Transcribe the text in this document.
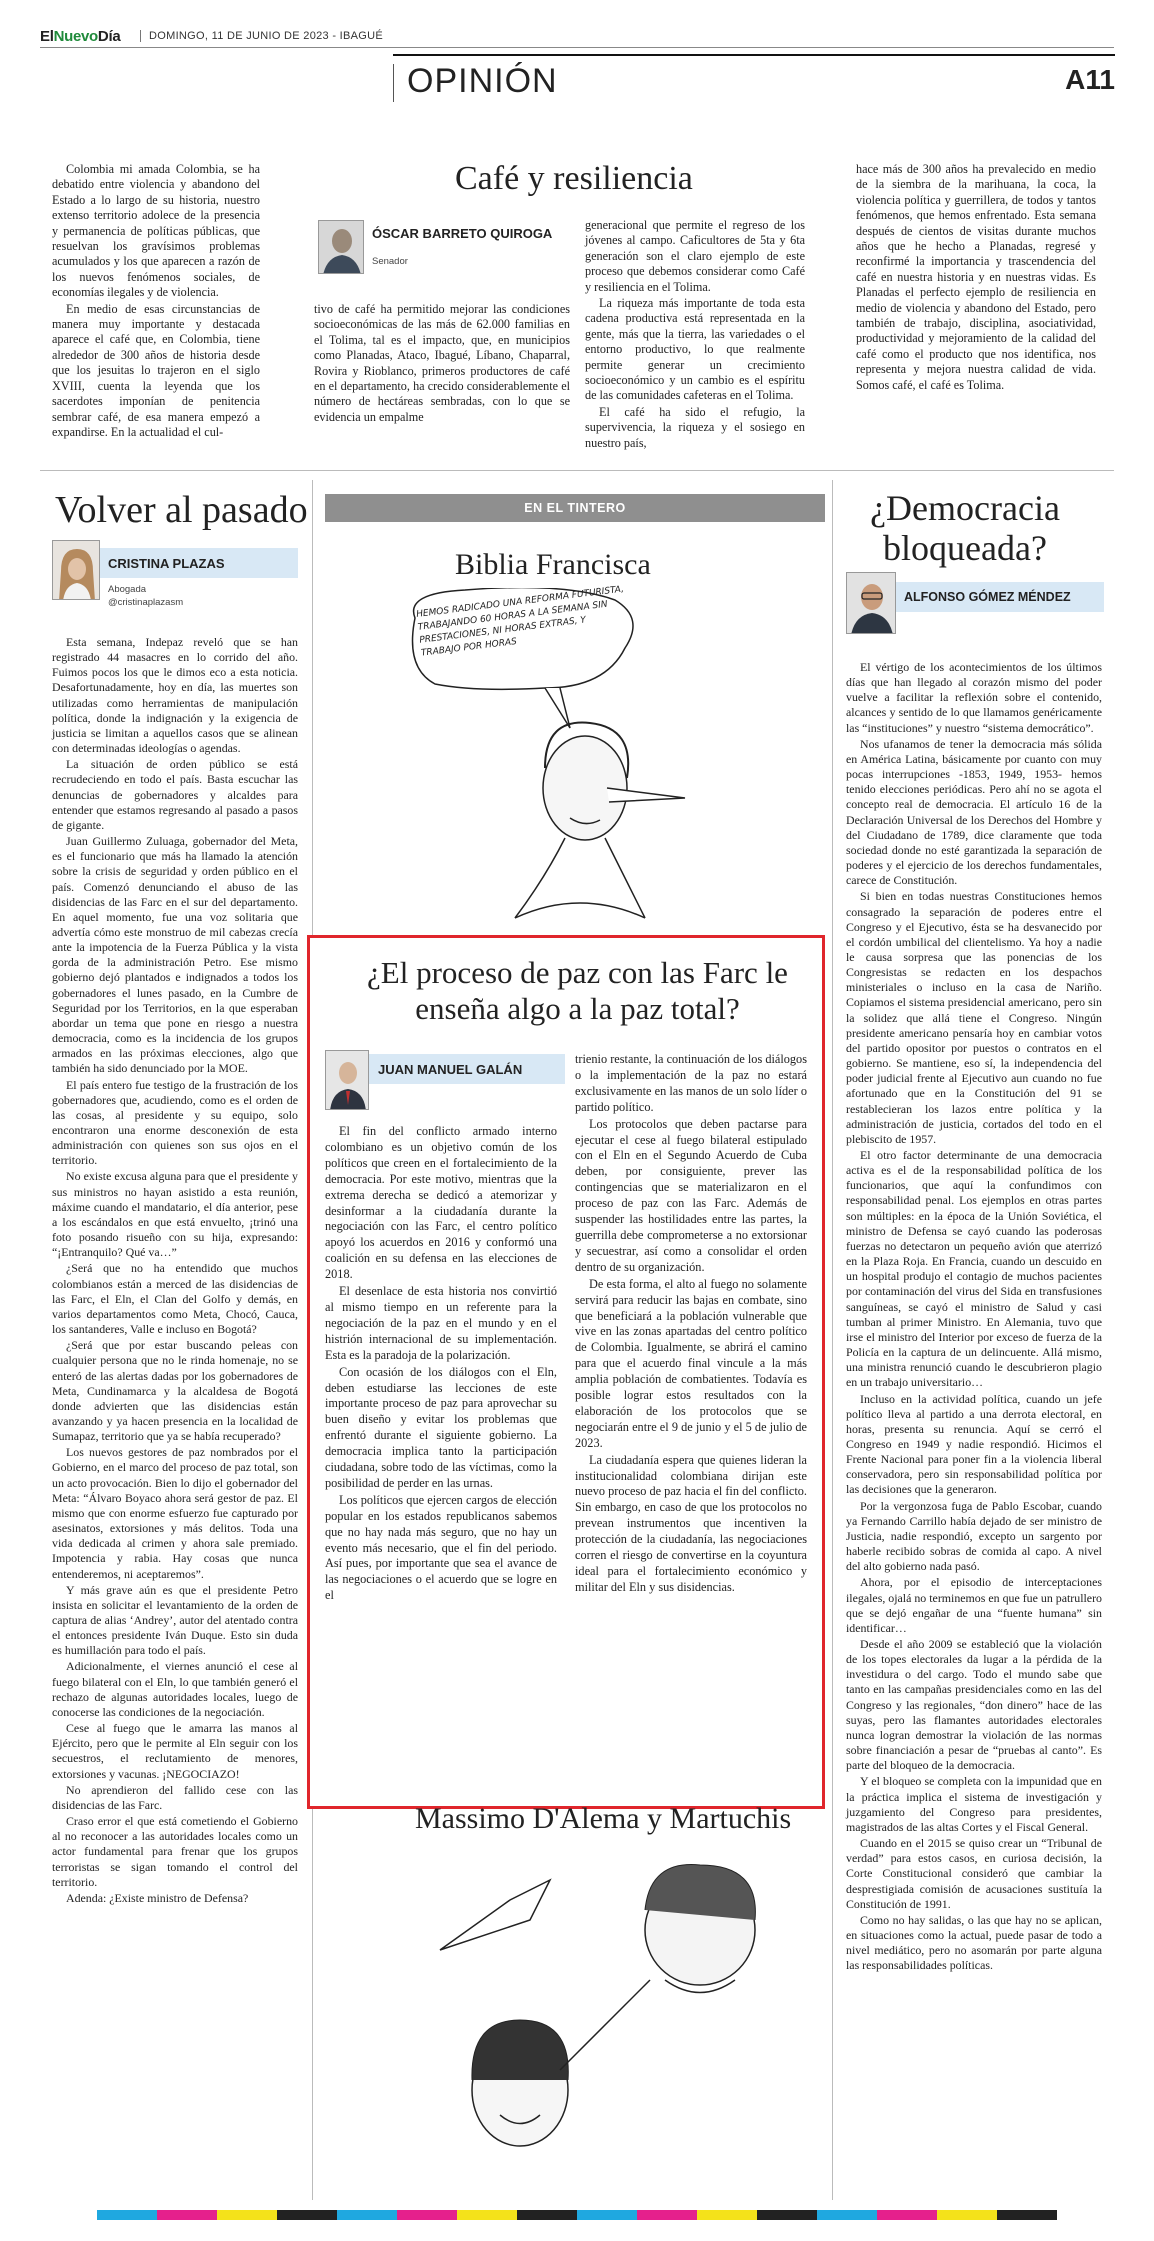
ElNuevoDía	DOMINGO, 11 DE JUNIO DE 2023 - IBAGUÉ
OPINIÓN	A11
Café y resiliencia

Colombia mi amada Colombia, se ha debatido entre violencia y abandono del Estado a lo largo de su historia, nuestro extenso territorio adolece de la presencia y permanencia de políticas públicas, que resuelvan los gravísimos problemas acumulados y los que aparecen a razón de los nuevos fenómenos sociales, de economías ilegales y de violencia.

En medio de esas circunstancias de manera muy importante y destacada aparece el café que, en Colombia, tiene alrededor de 300 años de historia desde que los jesuitas lo trajeron en el siglo XVIII, cuenta la leyenda que los sacerdotes imponían de penitencia sembrar café, de esa manera empezó a expandirse. En la actualidad el cul-

ÓSCAR BARRETO QUIROGA
Senador

tivo de café ha permitido mejorar las condiciones socioeconómicas de las más de 62.000 familias en el Tolima, tal es el impacto, que, en municipios como Planadas, Ataco, Ibagué, Líbano, Chaparral, Rovira y Rioblanco, primeros productores de café en el departamento, ha crecido considerablemente el número de hectáreas sembradas, con lo que se evidencia un empalme

generacional que permite el regreso de los jóvenes al campo. Caficultores de 5ta y 6ta generación son el claro ejemplo de este proceso que debemos considerar como Café y resiliencia en el Tolima.

La riqueza más importante de toda esta cadena productiva está representada en la gente, más que la tierra, las variedades o el entorno productivo, lo que realmente permite generar un crecimiento socioeconómico y un cambio es el espíritu de las comunidades cafeteras en el Tolima.

El café ha sido el refugio, la supervivencia, la riqueza y el sosiego en nuestro país,

hace más de 300 años ha prevalecido en medio de la siembra de la marihuana, la coca, la violencia política y guerrillera, de todos y tantos fenómenos, que hemos enfrentado. Esta semana después de cientos de visitas durante muchos años que he hecho a Planadas, regresé y reconfirmé la importancia y trascendencia del café en nuestra historia y en nuestras vidas. Es Planadas el perfecto ejemplo de resiliencia en medio de violencia y abandono del Estado, pero también de trabajo, disciplina, asociatividad, productividad y mejoramiento de la calidad del café como el producto que nos identifica, nos representa y mejora nuestra calidad de vida. Somos café, el café es Tolima.

Volver al pasado
CRISTINA PLAZAS
Abogada
@cristinaplazasm

Esta semana, Indepaz reveló que se han registrado 44 masacres en lo corrido del año. Fuimos pocos los que le dimos eco a esta noticia. Desafortunadamente, hoy en día, las muertes son utilizadas como herramientas de manipulación política, donde la indignación y la exigencia de justicia se limitan a aquellos casos que se alinean con determinadas ideologías o agendas.

La situación de orden público se está recrudeciendo en todo el país. Basta escuchar las denuncias de gobernadores y alcaldes para entender que estamos regresando al pasado a pasos de gigante.

Juan Guillermo Zuluaga, gobernador del Meta, es el funcionario que más ha llamado la atención sobre la crisis de seguridad y orden público en el país. Comenzó denunciando el abuso de las disidencias de las Farc en el sur del departamento. En aquel momento, fue una voz solitaria que advertía cómo este monstruo de mil cabezas crecía ante la impotencia de la Fuerza Pública y la vista gorda de la administración Petro. Ese mismo gobierno dejó plantados e indignados a todos los gobernadores el lunes pasado, en la Cumbre de Seguridad por los Territorios, en la que esperaban abordar un tema que pone en riesgo a nuestra democracia, como es la incidencia de los grupos armados en las próximas elecciones, algo que también ha sido denunciado por la MOE.

El país entero fue testigo de la frustración de los gobernadores que, acudiendo, como es el orden de las cosas, al presidente y su equipo, solo encontraron una enorme desconexión de esta administración con quienes son sus ojos en el territorio.

No existe excusa alguna para que el presidente y sus ministros no hayan asistido a esta reunión, máxime cuando el mandatario, el día anterior, pese a los escándalos en que está envuelto, ¡trinó una foto posando risueño con su hija, expresando: “¡Entranquilo? Qué va…”

¿Será que no ha entendido que muchos colombianos están a merced de las disidencias de las Farc, el Eln, el Clan del Golfo y demás, en varios departamentos como Meta, Chocó, Cauca, los santanderes, Valle e incluso en Bogotá?

¿Será que por estar buscando peleas con cualquier persona que no le rinda homenaje, no se enteró de las alertas dadas por los gobernadores de Meta, Cundinamarca y la alcaldesa de Bogotá donde advierten que las disidencias están avanzando y ya hacen presencia en la localidad de Sumapaz, territorio que ya se había recuperado?

Los nuevos gestores de paz nombrados por el Gobierno, en el marco del proceso de paz total, son un acto provocación. Bien lo dijo el gobernador del Meta: “Álvaro Boyaco ahora será gestor de paz. El mismo que con enorme esfuerzo fue capturado por asesinatos, extorsiones y más delitos. Toda una vida dedicada al crimen y ahora sale premiado. Impotencia y rabia. Hay cosas que nunca entenderemos, ni aceptaremos”.

Y más grave aún es que el presidente Petro insista en solicitar el levantamiento de la orden de captura de alias ‘Andrey’, autor del atentado contra el entonces presidente Iván Duque. Esto sin duda es humillación para todo el país.

Adicionalmente, el viernes anunció el cese al fuego bilateral con el Eln, lo que también generó el rechazo de algunas autoridades locales, luego de conocerse las condiciones de la negociación.

Cese al fuego que le amarra las manos al Ejército, pero que le permite al Eln seguir con los secuestros, el reclutamiento de menores, extorsiones y vacunas. ¡NEGOCIAZO!

No aprendieron del fallido cese con las disidencias de las Farc.

Craso error el que está cometiendo el Gobierno al no reconocer a las autoridades locales como un actor fundamental para frenar que los grupos terroristas se sigan tomando el control del territorio.

Adenda: ¿Existe ministro de Defensa?

EN EL TINTERO
Biblia Francisca
HEMOS RADICADO UNA REFORMA FUTURISTA, TRABAJANDO 60 HORAS A LA SEMANA SIN PRESTACIONES, NI HORAS EXTRAS, Y TRABAJO POR HORAS
¿El proceso de paz con las Farc le enseña algo a la paz total?
JUAN MANUEL GALÁN

El fin del conflicto armado interno colombiano es un objetivo común de los políticos que creen en el fortalecimiento de la democracia. Por este motivo, mientras que la extrema derecha se dedicó a atemorizar y desinformar a la ciudadanía durante la negociación con las Farc, el centro político apoyó los acuerdos en 2016 y conformó una coalición en su defensa en las elecciones de 2018.

El desenlace de esta historia nos convirtió al mismo tiempo en un referente para la negociación de la paz en el mundo y en el histrión internacional de su implementación. Esta es la paradoja de la polarización.

Con ocasión de los diálogos con el Eln, deben estudiarse las lecciones de este importante proceso de paz para aprovechar su buen diseño y evitar los problemas que enfrentó durante el siguiente gobierno. La democracia implica tanto la participación ciudadana, sobre todo de las víctimas, como la posibilidad de perder en las urnas.

Los políticos que ejercen cargos de elección popular en los estados republicanos sabemos que no hay nada más seguro, que no hay un evento más necesario, que el fin del periodo. Así pues, por importante que sea el avance de las negociaciones o el acuerdo que se logre en el

trienio restante, la continuación de los diálogos o la implementación de la paz no estará exclusivamente en las manos de un solo líder o partido político.

Los protocolos que deben pactarse para ejecutar el cese al fuego bilateral estipulado con el Eln en el Segundo Acuerdo de Cuba deben, por consiguiente, prever las contingencias que se materializaron en el proceso de paz con las Farc. Además de suspender las hostilidades entre las partes, la guerrilla debe comprometerse a no extorsionar y secuestrar, así como a consolidar el orden dentro de su organización.

De esta forma, el alto al fuego no solamente servirá para reducir las bajas en combate, sino que beneficiará a la población vulnerable que vive en las zonas apartadas del centro político de Colombia. Igualmente, se abrirá el camino para que el acuerdo final vincule a la más amplia población de combatientes. Todavía es posible lograr estos resultados con la elaboración de los protocolos que se negociarán entre el 9 de junio y el 5 de julio de 2023.

La ciudadanía espera que quienes lideran la institucionalidad colombiana dirijan este nuevo proceso de paz hacia el fin del conflicto. Sin embargo, en caso de que los protocolos no prevean instrumentos que incentiven la protección de la ciudadanía, las negociaciones corren el riesgo de convertirse en la coyuntura ideal para el fortalecimiento económico y militar del Eln y sus disidencias.

Massimo D'Alema y Martuchis
¿Democracia bloqueada?
ALFONSO GÓMEZ MÉNDEZ

El vértigo de los acontecimientos de los últimos días que han llegado al corazón mismo del poder vuelve a facilitar la reflexión sobre el contenido, alcances y sentido de lo que llamamos genéricamente las “instituciones” y nuestro “sistema democrático”.

Nos ufanamos de tener la democracia más sólida en América Latina, básicamente por cuanto con muy pocas interrupciones -1853, 1949, 1953- hemos tenido elecciones periódicas. Pero ahí no se agota el concepto real de democracia. El artículo 16 de la Declaración Universal de los Derechos del Hombre y del Ciudadano de 1789, dice claramente que toda sociedad donde no esté garantizada la separación de poderes y el ejercicio de los derechos fundamentales, carece de Constitución.

Si bien en todas nuestras Constituciones hemos consagrado la separación de poderes entre el Congreso y el Ejecutivo, ésta se ha desvanecido por el cordón umbilical del clientelismo. Ya hoy a nadie le causa sorpresa que las ponencias de los Congresistas se redacten en los despachos ministeriales o incluso en la casa de Nariño. Copiamos el sistema presidencial americano, pero sin la solidez que allá tiene el Congreso. Ningún presidente americano pensaría hoy en cambiar votos del partido opositor por puestos o contratos en el gobierno. Se mantiene, eso sí, la independencia del poder judicial frente al Ejecutivo aun cuando no fue afortunado que en la Constitución del 91 se restablecieran los lazos entre política y la administración de justicia, cortados del todo en el plebiscito de 1957.

El otro factor determinante de una democracia activa es el de la responsabilidad política de los funcionarios, que aquí la confundimos con responsabilidad penal. Los ejemplos en otras partes son múltiples: en la época de la Unión Soviética, el ministro de Defensa se cayó cuando las poderosas fuerzas no detectaron un pequeño avión que aterrizó en la Plaza Roja. En Francia, cuando un descuido en un hospital produjo el contagio de muchos pacientes por contaminación del virus del Sida en transfusiones sanguíneas, se cayó el ministro de Salud y casi tumban al primer Ministro. En Alemania, tuvo que irse el ministro del Interior por exceso de fuerza de la Policía en la captura de un delincuente. Allá mismo, una ministra renunció cuando le descubrieron plagio en un trabajo universitario…

Incluso en la actividad política, cuando un jefe político lleva al partido a una derrota electoral, en horas, presenta su renuncia. Aquí se cerró el Congreso en 1949 y nadie respondió. Hicimos el Frente Nacional para poner fin a la violencia liberal conservadora, pero sin responsabilidad política por las decisiones que la generaron.

Por la vergonzosa fuga de Pablo Escobar, cuando ya Fernando Carrillo había dejado de ser ministro de Justicia, nadie respondió, excepto un sargento por haberle recibido sobras de comida al capo. A nivel del alto gobierno nada pasó.

Ahora, por el episodio de interceptaciones ilegales, ojalá no terminemos en que fue un patrullero que se dejó engañar de una “fuente humana” sin identificar…

Desde el año 2009 se estableció que la violación de los topes electorales da lugar a la pérdida de la investidura o del cargo. Todo el mundo sabe que tanto en las campañas presidenciales como en las del Congreso y las regionales, “don dinero” hace de las suyas, pero las flamantes autoridades electorales nunca logran demostrar la violación de las normas sobre financiación a pesar de “pruebas al canto”. Es parte del bloqueo de la democracia.

Y el bloqueo se completa con la impunidad que en la práctica implica el sistema de investigación y juzgamiento del Congreso para presidentes, magistrados de las altas Cortes y el Fiscal General.

Cuando en el 2015 se quiso crear un “Tribunal de verdad” para estos casos, en curiosa decisión, la Corte Constitucional consideró que cambiar la desprestigiada comisión de acusaciones sustituía la Constitución de 1991.

Como no hay salidas, o las que hay no se aplican, en situaciones como la actual, puede pasar de todo a nivel mediático, pero no asomarán por parte alguna las responsabilidades políticas.
